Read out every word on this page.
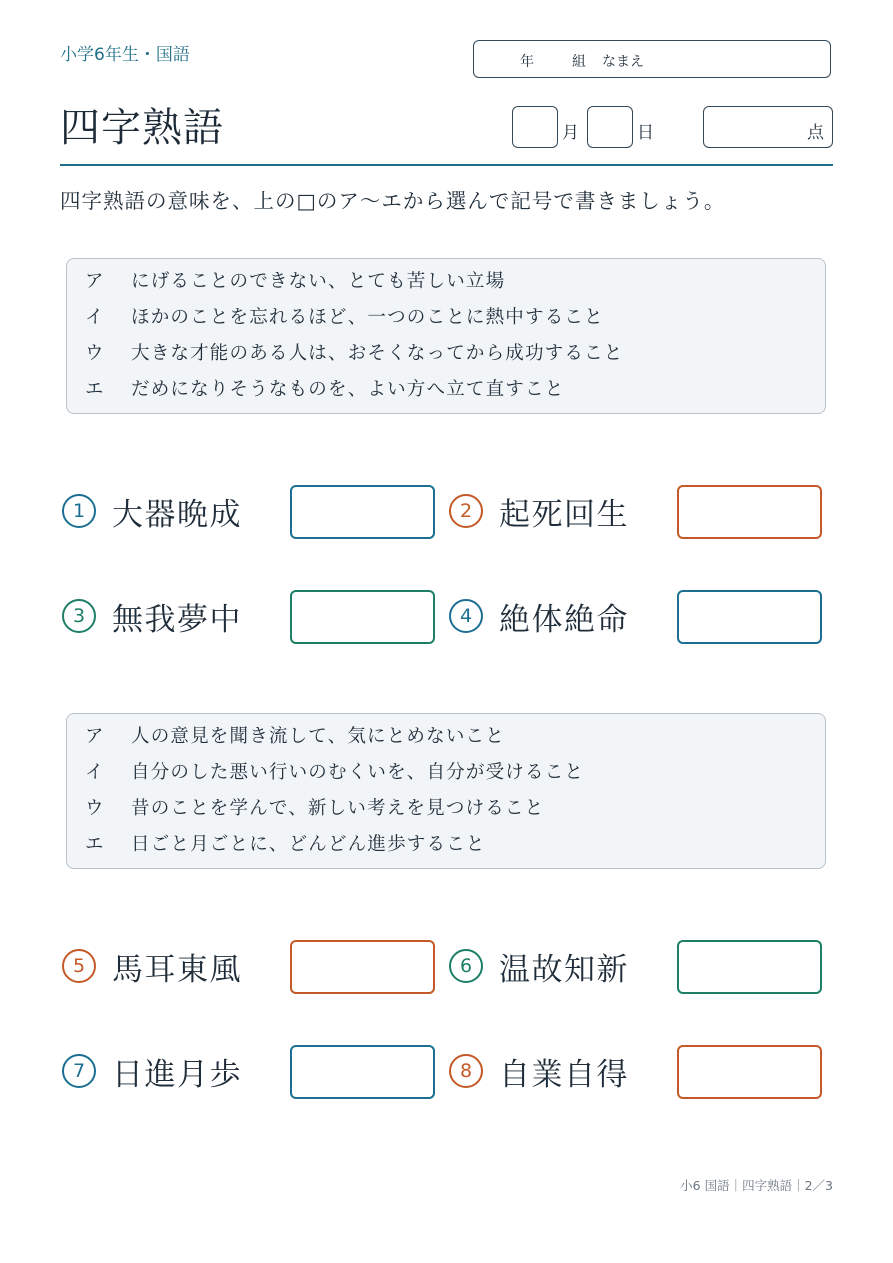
小学6年生・国語	年	組 なまえ
四字熟語	月	日	点
四字熟語の意味を、上の□のア〜エから選んで記号で書きましょう。
ア にげることのできない、とても苦しい立場
イ ほかのことを忘れるほど、一つのことに熱中すること
ウ 大きな才能のある人は、おそくなってから成功すること
エ だめになりそうなものを、よい方へ立て直すこと
1 大器晩成	2 起死回生
3 無我夢中	4 絶体絶命
ア 人の意見を聞き流して、気にとめないこと
イ 自分のした悪い行いのむくいを、自分が受けること
ウ 昔のことを学んで、新しい考えを見つけること
エ 日ごと月ごとに、どんどん進歩すること
5 馬耳東風	6 温故知新
7 日進月歩	8 自業自得
小6 国語｜四字熟語｜2／3
